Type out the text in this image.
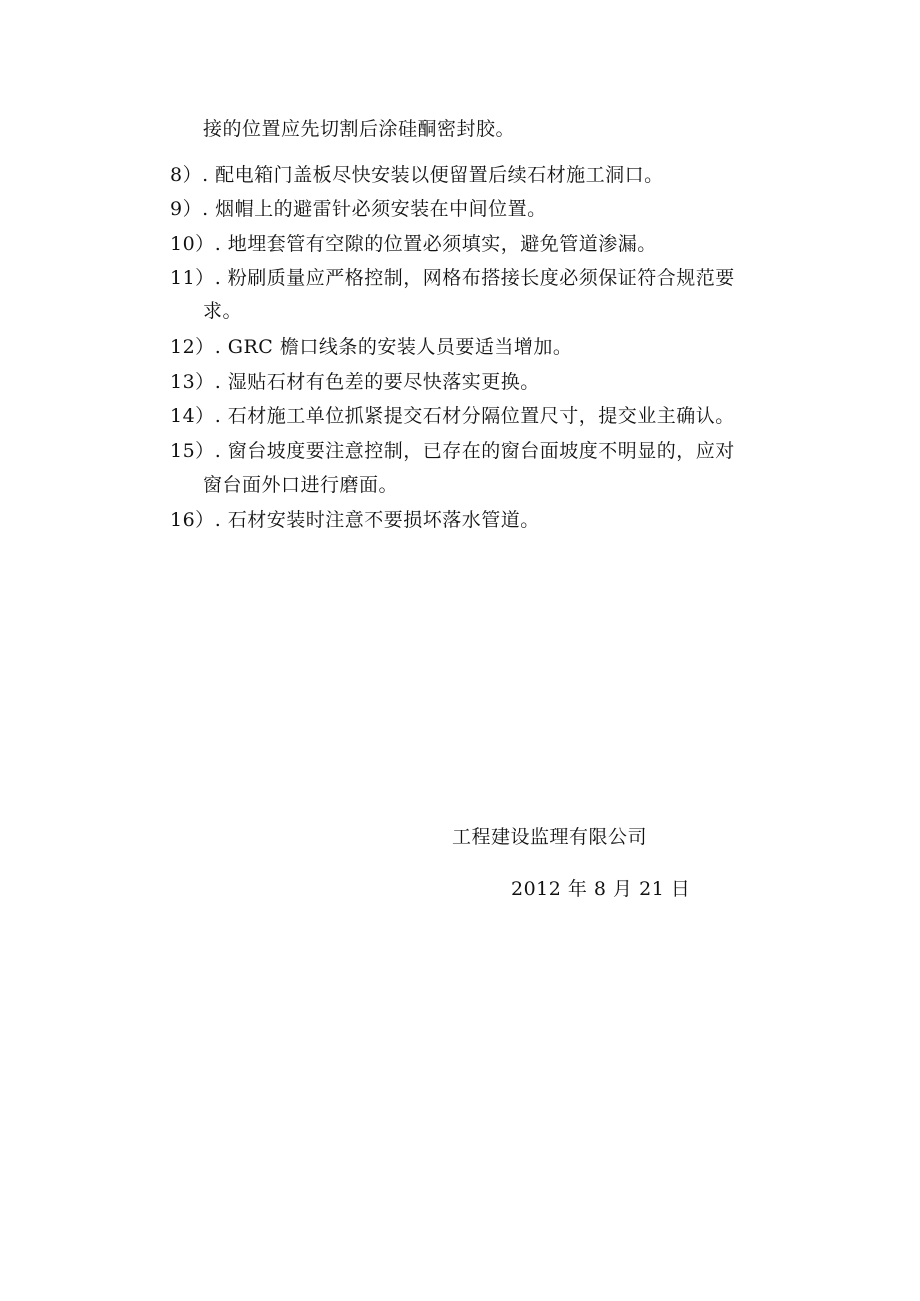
接的位置应先切割后涂硅酮密封胶。
8）. 配电箱门盖板尽快安装以便留置后续石材施工洞口。
9）. 烟帽上的避雷针必须安装在中间位置。
10）. 地埋套管有空隙的位置必须填实，避免管道渗漏。
11）. 粉刷质量应严格控制，网格布搭接长度必须保证符合规范要
求。
12）. GRC 檐口线条的安装人员要适当增加。
13）. 湿贴石材有色差的要尽快落实更换。
14）. 石材施工单位抓紧提交石材分隔位置尺寸，提交业主确认。
15）. 窗台坡度要注意控制，已存在的窗台面坡度不明显的，应对
窗台面外口进行磨面。
16）. 石材安装时注意不要损坏落水管道。
工程建设监理有限公司
2012 年 8 月 21 日
